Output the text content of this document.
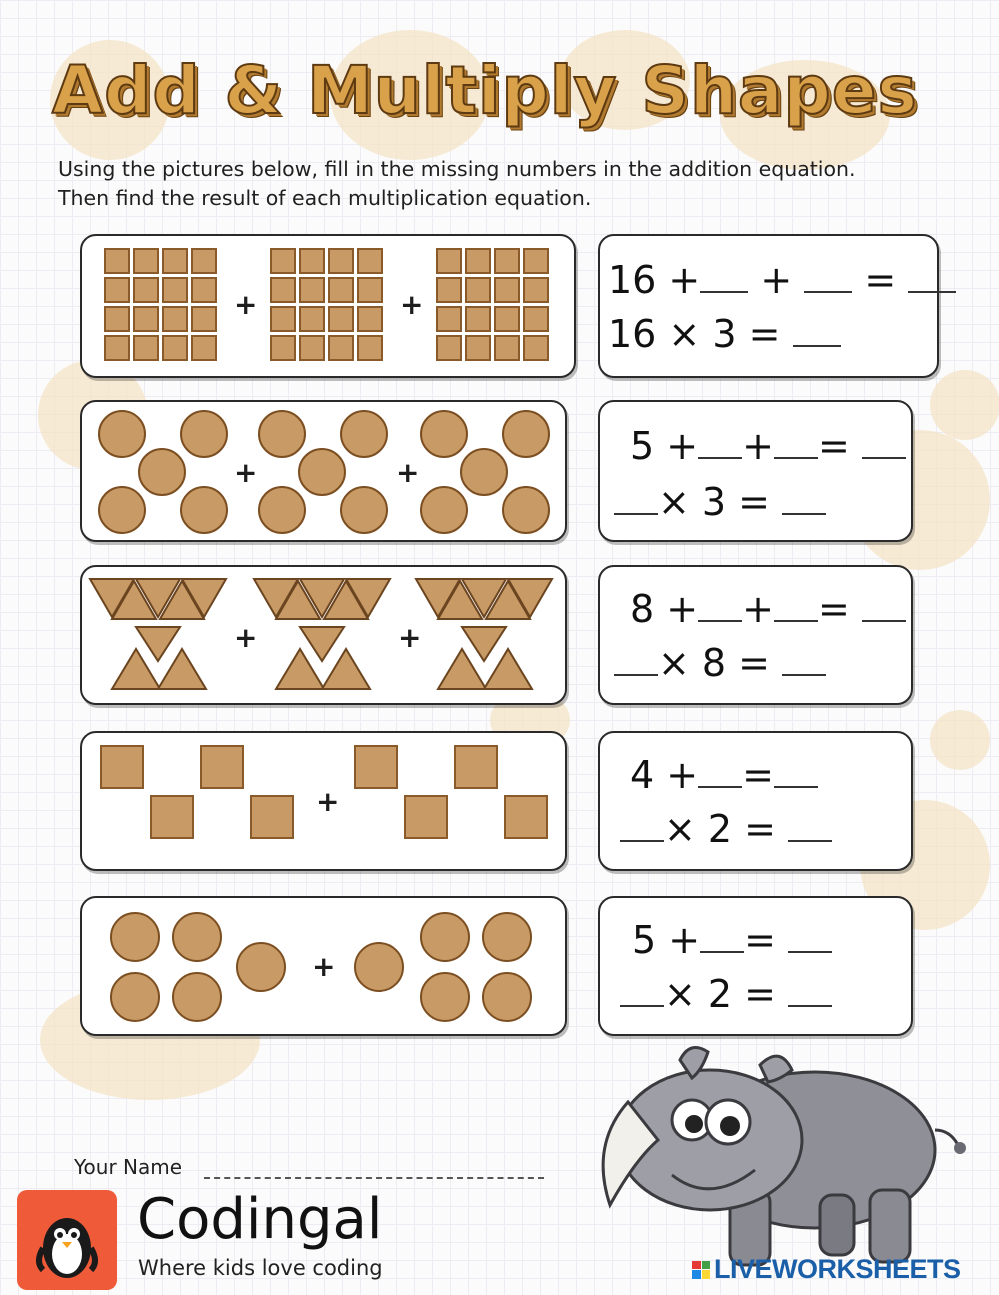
Add & Multiply Shapes
Using the pictures below, fill in the missing numbers in the addition equation.
Then find the result of each multiplication equation.
+	+
16 + + =
16 × 3 =
+	+
5 + + =
× 3 =
+	+
8 + + =
× 8 =
+
4 + =
× 2 =
+
5 + =
× 2 =
Your Name
Codingal
Where kids love coding	LIVEWORKSHEETS
